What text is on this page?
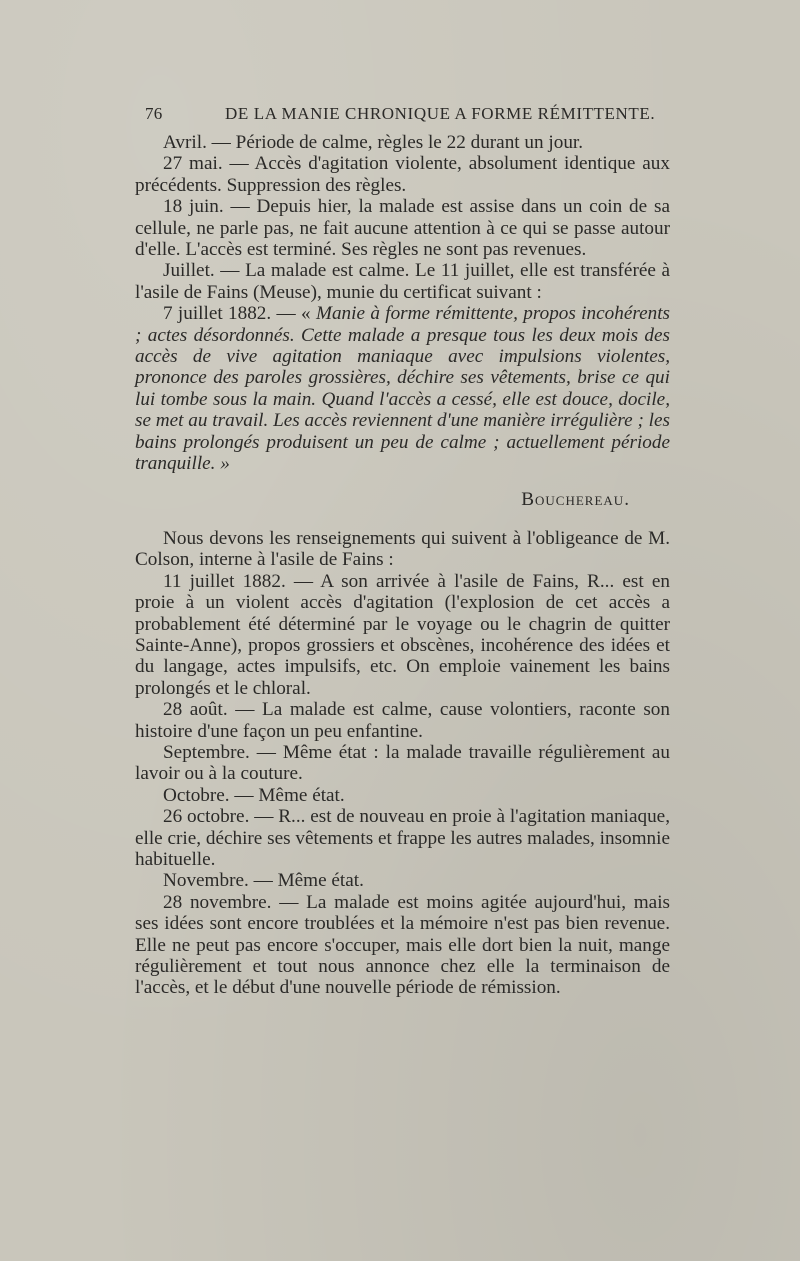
76	DE LA MANIE CHRONIQUE A FORME RÉMITTENTE.

Avril. — Période de calme, règles le 22 durant un jour.

27 mai. — Accès d'agitation violente, absolument identique aux précédents. Suppression des règles.

18 juin. — Depuis hier, la malade est assise dans un coin de sa cellule, ne parle pas, ne fait aucune attention à ce qui se passe autour d'elle. L'accès est terminé. Ses règles ne sont pas revenues.

Juillet. — La malade est calme. Le 11 juillet, elle est transférée à l'asile de Fains (Meuse), munie du certificat suivant :

7 juillet 1882. — « Manie à forme rémittente, propos incohérents ; actes désordonnés. Cette malade a presque tous les deux mois des accès de vive agitation maniaque avec impulsions violentes, prononce des paroles grossières, déchire ses vêtements, brise ce qui lui tombe sous la main. Quand l'accès a cessé, elle est douce, docile, se met au travail. Les accès reviennent d'une manière irrégulière ; les bains prolongés produisent un peu de calme ; actuellement période tranquille. »

Bouchereau.

Nous devons les renseignements qui suivent à l'obligeance de M. Colson, interne à l'asile de Fains :

11 juillet 1882. — A son arrivée à l'asile de Fains, R... est en proie à un violent accès d'agitation (l'explosion de cet accès a probablement été déterminé par le voyage ou le chagrin de quitter Sainte-Anne), propos grossiers et obscènes, incohérence des idées et du langage, actes impulsifs, etc. On emploie vainement les bains prolongés et le chloral.

28 août. — La malade est calme, cause volontiers, raconte son histoire d'une façon un peu enfantine.

Septembre. — Même état : la malade travaille régulièrement au lavoir ou à la couture.

Octobre. — Même état.

26 octobre. — R... est de nouveau en proie à l'agitation maniaque, elle crie, déchire ses vêtements et frappe les autres malades, insomnie habituelle.

Novembre. — Même état.

28 novembre. — La malade est moins agitée aujourd'hui, mais ses idées sont encore troublées et la mémoire n'est pas bien revenue. Elle ne peut pas encore s'occuper, mais elle dort bien la nuit, mange régulièrement et tout nous annonce chez elle la terminaison de l'accès, et le début d'une nouvelle période de rémission.
